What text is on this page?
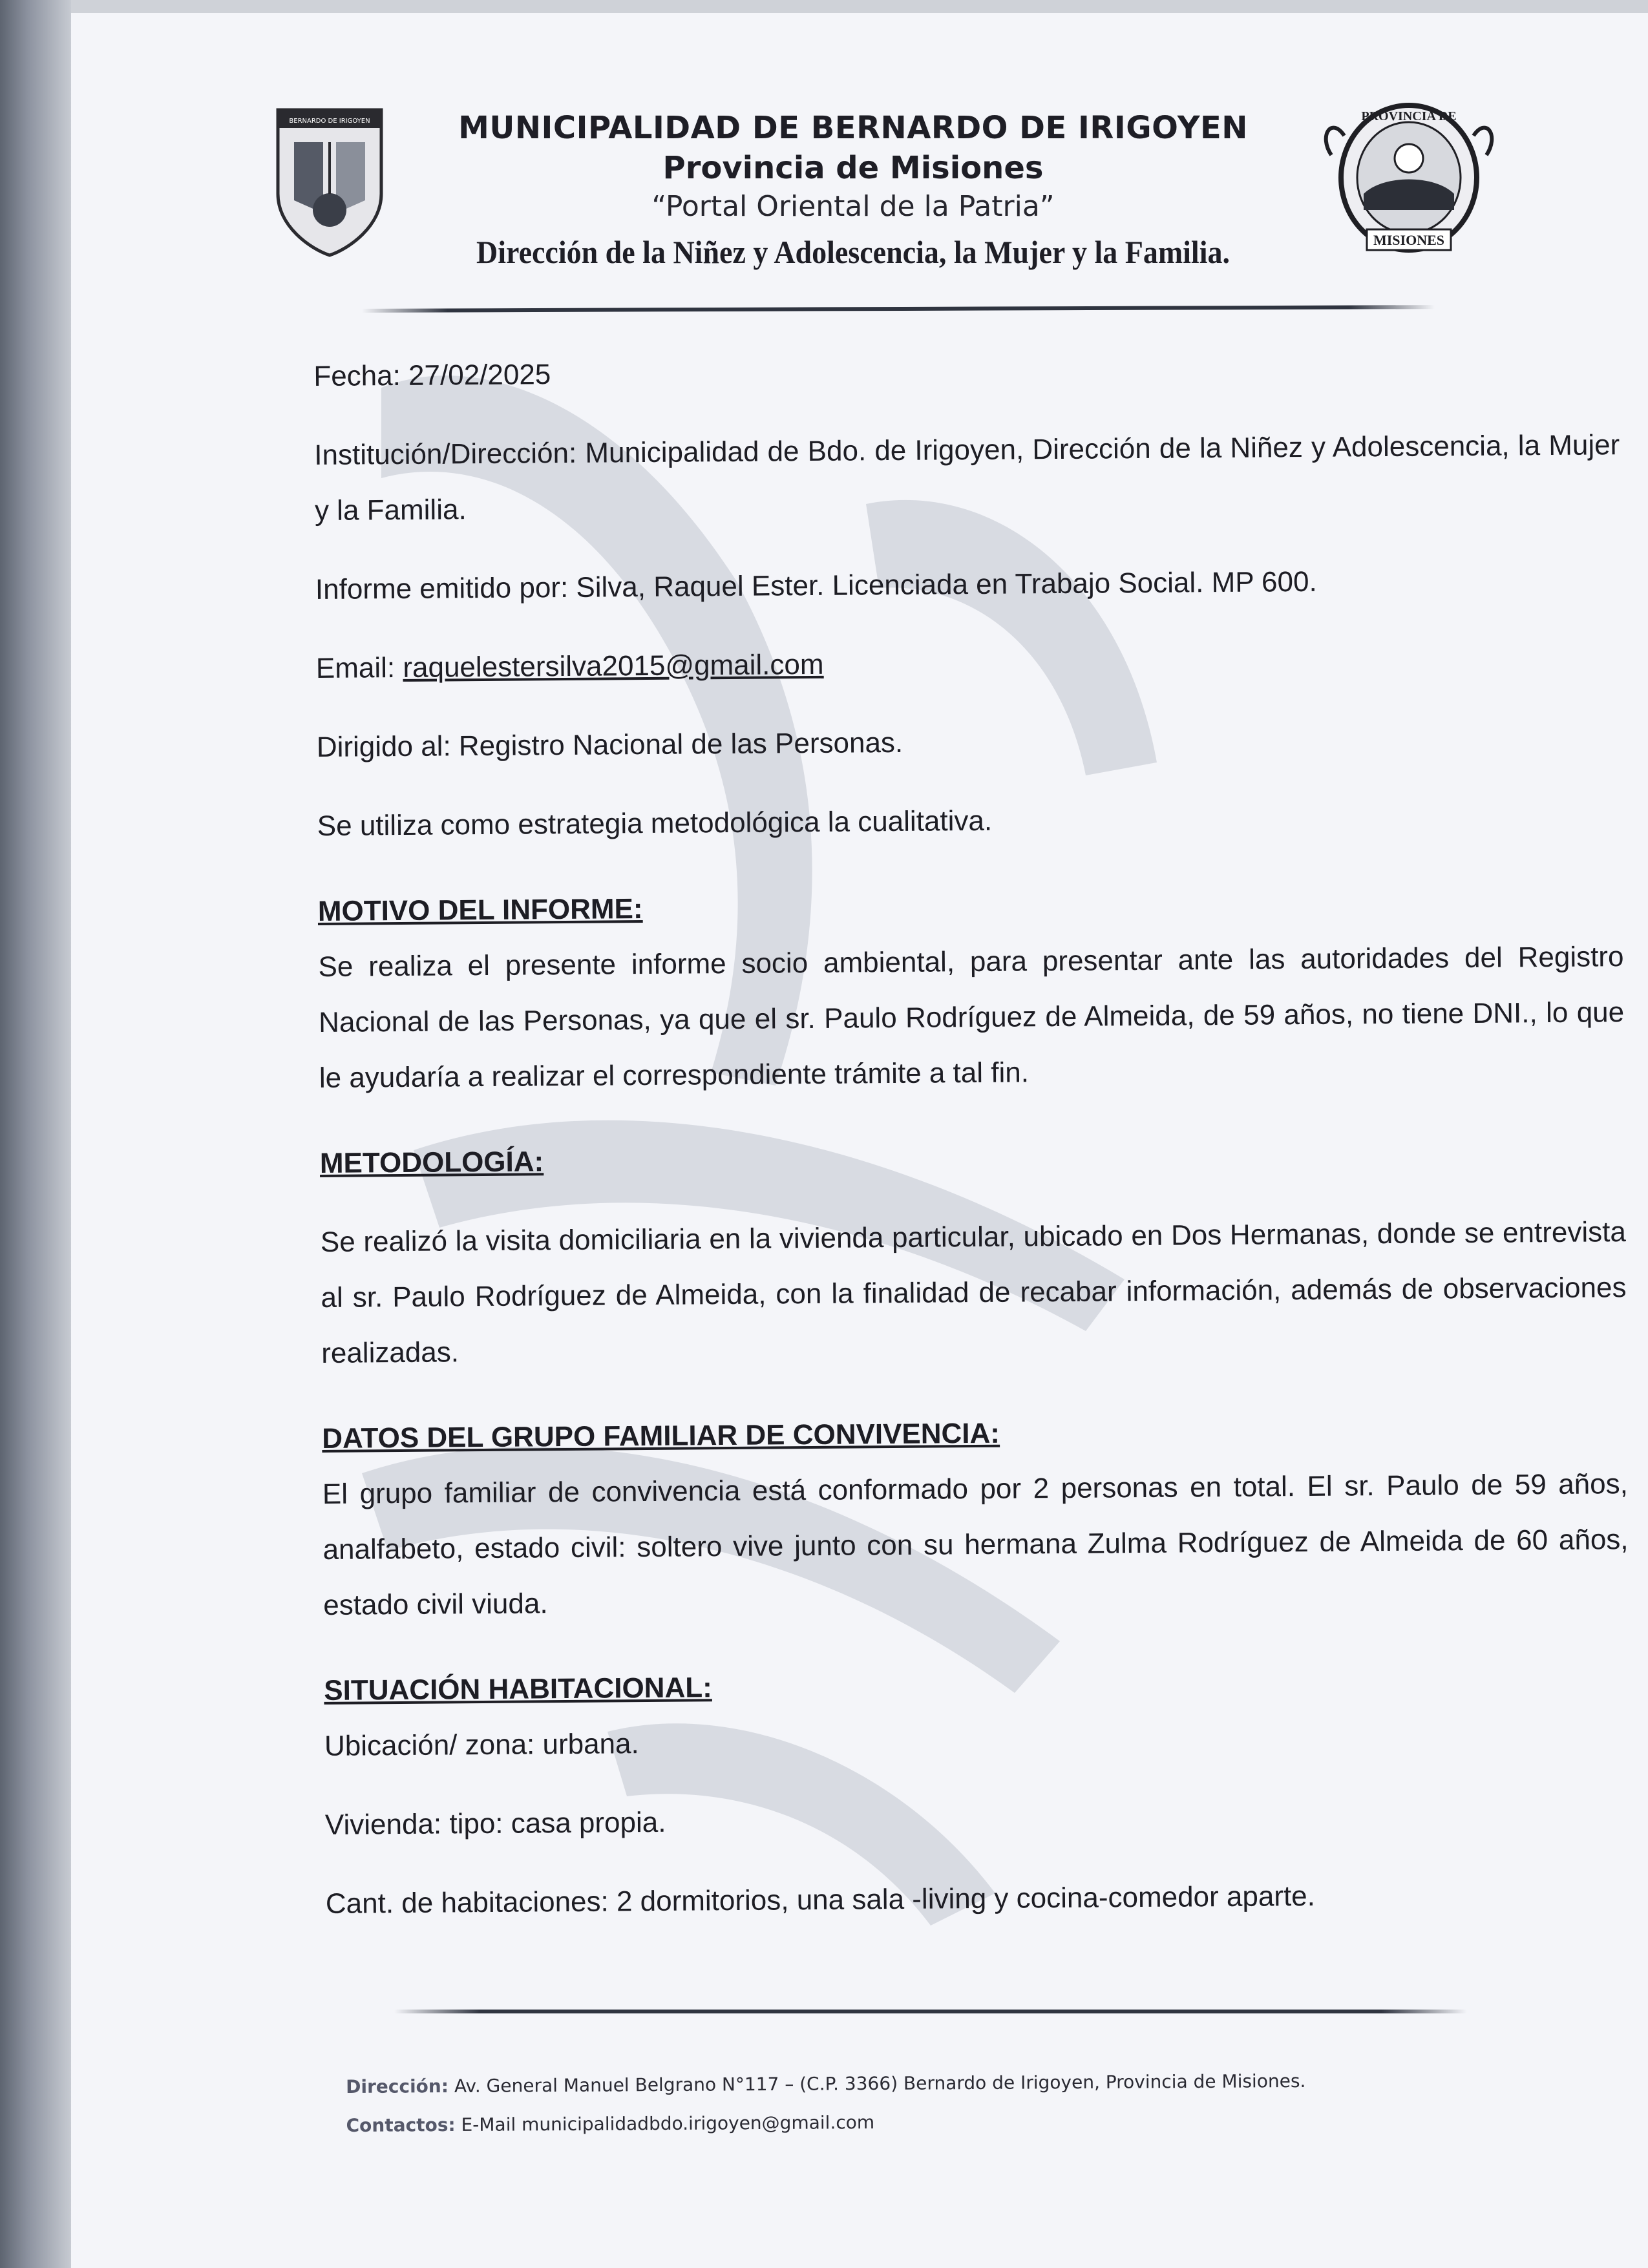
BERNARDO DE IRIGOYEN	PROVINCIA DE
MISIONES
MUNICIPALIDAD DE BERNARDO DE IRIGOYEN
Provincia de Misiones
“Portal Oriental de la Patria”
Dirección de la Niñez y Adolescencia, la Mujer y la Familia.

Fecha: 27/02/2025

Institución/Dirección: Municipalidad de Bdo. de Irigoyen, Dirección de la Niñez y Adolescencia, la Mujer y la Familia.

Informe emitido por: Silva, Raquel Ester. Licenciada en Trabajo Social. MP 600.

Email: raquelestersilva2015@gmail.com

Dirigido al: Registro Nacional de las Personas.

Se utiliza como estrategia metodológica la cualitativa.

MOTIVO DEL INFORME:

Se realiza el presente informe socio ambiental, para presentar ante las autoridades del Registro Nacional de las Personas, ya que el sr. Paulo Rodríguez de Almeida, de 59 años, no tiene DNI., lo que le ayudaría a realizar el correspondiente trámite a tal fin.

METODOLOGÍA:

Se realizó la visita domiciliaria en la vivienda particular, ubicado en Dos Hermanas, donde se entrevista al sr. Paulo Rodríguez de Almeida, con la finalidad de recabar información, además de observaciones realizadas.

DATOS DEL GRUPO FAMILIAR DE CONVIVENCIA:

El grupo familiar de convivencia está conformado por 2 personas en total. El sr. Paulo de 59 años, analfabeto, estado civil: soltero vive junto con su hermana Zulma Rodríguez de Almeida de 60 años, estado civil viuda.

SITUACIÓN HABITACIONAL:

Ubicación/ zona: urbana.

Vivienda: tipo: casa propia.

Cant. de habitaciones: 2 dormitorios, una sala -living y cocina-comedor aparte.

Dirección: Av. General Manuel Belgrano N°117 – (C.P. 3366) Bernardo de Irigoyen, Provincia de Misiones.
Contactos: E-Mail municipalidadbdo.irigoyen@gmail.com
